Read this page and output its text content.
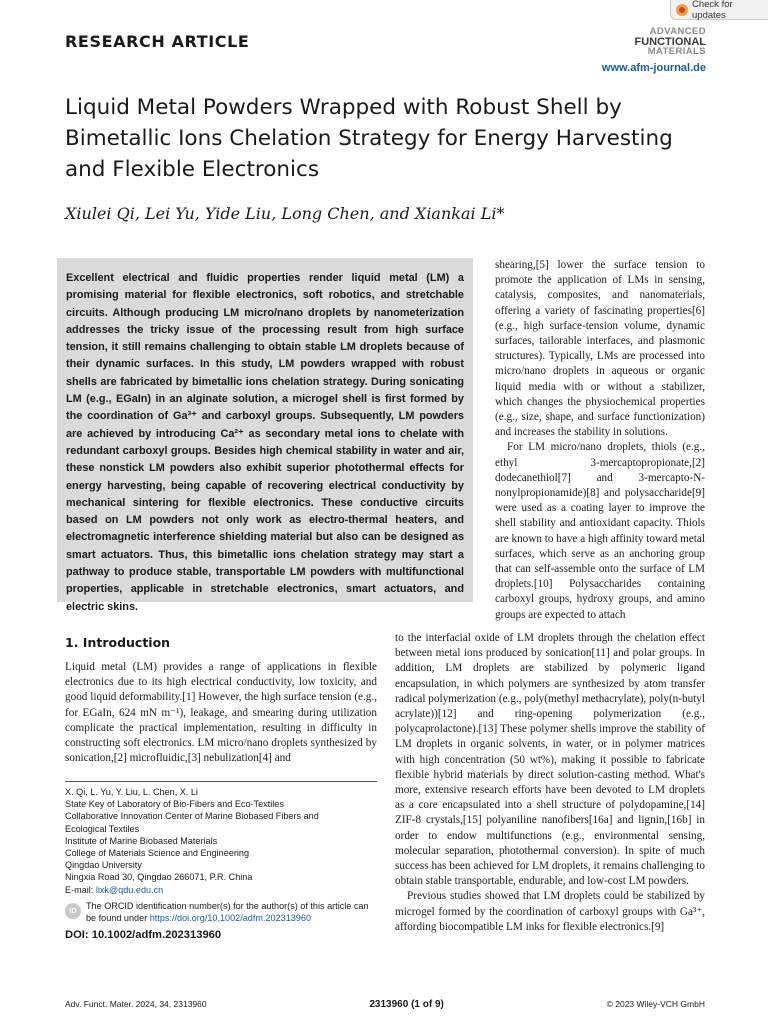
Check for updates
RESEARCH ARTICLE
ADVANCED
FUNCTIONAL
MATERIALS
www.afm-journal.de
Liquid Metal Powders Wrapped with Robust Shell by Bimetallic Ions Chelation Strategy for Energy Harvesting and Flexible Electronics
Xiulei Qi, Lei Yu, Yide Liu, Long Chen, and Xiankai Li*

Excellent electrical and fluidic properties render liquid metal (LM) a promising material for flexible electronics, soft robotics, and stretchable circuits. Although producing LM micro/nano droplets by nanometerization addresses the tricky issue of the processing result from high surface tension, it still remains challenging to obtain stable LM droplets because of their dynamic surfaces. In this study, LM powders wrapped with robust shells are fabricated by bimetallic ions chelation strategy. During sonicating LM (e.g., EGaIn) in an alginate solution, a microgel shell is first formed by the coordination of Ga³⁺ and carboxyl groups. Subsequently, LM powders are achieved by introducing Ca²⁺ as secondary metal ions to chelate with redundant carboxyl groups. Besides high chemical stability in water and air, these nonstick LM powders also exhibit superior photothermal effects for energy harvesting, being capable of recovering electrical conductivity by mechanical sintering for flexible electronics. These conductive circuits based on LM powders not only work as electro-thermal heaters, and electromagnetic interference shielding material but also can be designed as smart actuators. Thus, this bimetallic ions chelation strategy may start a pathway to produce stable, transportable LM powders with multifunctional properties, applicable in stretchable electronics, smart actuators, and electric skins.

1. Introduction

Liquid metal (LM) provides a range of applications in flexible electronics due to its high electrical conductivity, low toxicity, and good liquid deformability.[1] However, the high surface tension (e.g., for EGaIn, 624 mN m⁻¹), leakage, and smearing during utilization complicate the practical implementation, resulting in difficulty in constructing soft electronics. LM micro/nano droplets synthesized by sonication,[2] microfluidic,[3] nebulization[4] and

X. Qi, L. Yu, Y. Liu, L. Chen, X. Li
State Key of Laboratory of Bio-Fibers and Eco-Textiles
Collaborative Innovation Center of Marine Biobased Fibers and
Ecological Textiles
Institute of Marine Biobased Materials
College of Materials Science and Engineering
Qingdao University
Ningxia Road 30, Qingdao 266071, P.R. China
E-mail: lixk@qdu.edu.cn
iD	The ORCID identification number(s) for the author(s) of this article can be found under https://doi.org/10.1002/adfm.202313960
DOI: 10.1002/adfm.202313960

shearing,[5] lower the surface tension to promote the application of LMs in sensing, catalysis, composites, and nanomaterials, offering a variety of fascinating properties[6] (e.g., high surface-tension volume, dynamic surfaces, tailorable interfaces, and plasmonic structures). Typically, LMs are processed into micro/nano droplets in aqueous or organic liquid media with or without a stabilizer, which changes the physiochemical properties (e.g., size, shape, and surface functionization) and increases the stability in solutions.

For LM micro/nano droplets, thiols (e.g., ethyl 3-mercaptopropionate,[2] dodecanethiol[7] and 3-mercapto-N-nonylpropionamide)[8] and polysaccharide[9] were used as a coating layer to improve the shell stability and antioxidant capacity. Thiols are known to have a high affinity toward metal surfaces, which serve as an anchoring group that can self-assemble onto the surface of LM droplets.[10] Polysaccharides containing carboxyl groups, hydroxy groups, and amino groups are expected to attach

to the interfacial oxide of LM droplets through the chelation effect between metal ions produced by sonication[11] and polar groups. In addition, LM droplets are stabilized by polymeric ligand encapsulation, in which polymers are synthesized by atom transfer radical polymerization (e.g., poly(methyl methacrylate), poly(n-butyl acrylate))[12] and ring-opening polymerization (e.g., polycaprolactone).[13] These polymer shells improve the stability of LM droplets in organic solvents, in water, or in polymer matrices with high concentration (50 wt%), making it possible to fabricate flexible hybrid materials by direct solution-casting method. What's more, extensive research efforts have been devoted to LM droplets as a core encapsulated into a shell structure of polydopamine,[14] ZIF-8 crystals,[15] polyaniline nanofibers[16a] and lignin,[16b] in order to endow multifunctions (e.g., environmental sensing, molecular separation, photothermal conversion). In spite of much success has been achieved for LM droplets, it remains challenging to obtain stable transportable, endurable, and low-cost LM powders.

Previous studies showed that LM droplets could be stabilized by microgel formed by the coordination of carboxyl groups with Ga³⁺, affording biocompatible LM inks for flexible electronics.[9]

Adv. Funct. Mater. 2024, 34, 2313960	2313960 (1 of 9)	© 2023 Wiley-VCH GmbH
